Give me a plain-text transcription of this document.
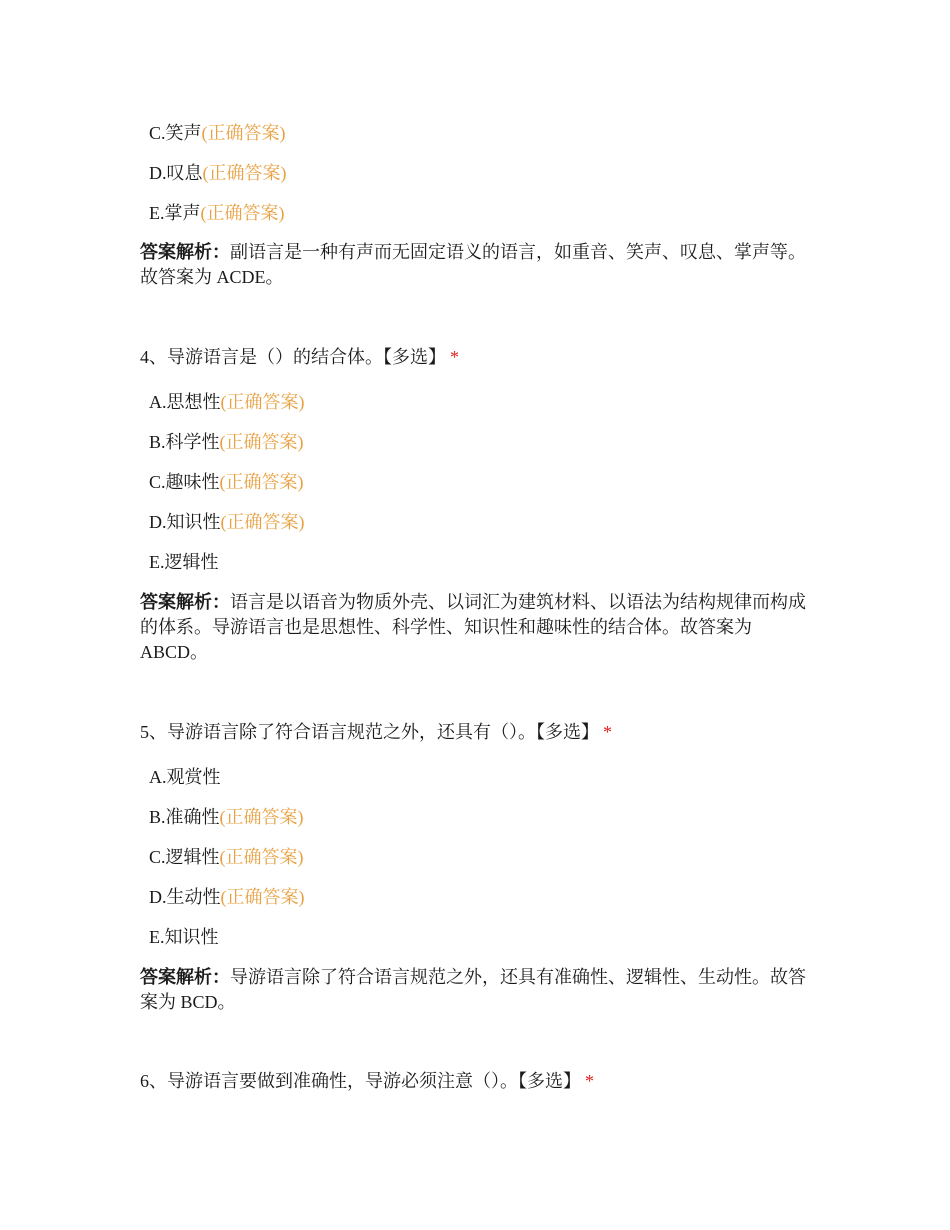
C.笑声(正确答案)
D.叹息(正确答案)
E.掌声(正确答案)
答案解析：副语言是一种有声而无固定语义的语言，如重音、笑声、叹息、掌声等。故答案为 ACDE。
4、导游语言是（）的结合体。【多选】 *
A.思想性(正确答案)
B.科学性(正确答案)
C.趣味性(正确答案)
D.知识性(正确答案)
E.逻辑性
答案解析：语言是以语音为物质外壳、以词汇为建筑材料、以语法为结构规律而构成的体系。导游语言也是思想性、科学性、知识性和趣味性的结合体。故答案为 ABCD。
5、导游语言除了符合语言规范之外，还具有（）。【多选】 *
A.观赏性
B.准确性(正确答案)
C.逻辑性(正确答案)
D.生动性(正确答案)
E.知识性
答案解析：导游语言除了符合语言规范之外，还具有准确性、逻辑性、生动性。故答案为 BCD。
6、导游语言要做到准确性，导游必须注意（）。【多选】 *
